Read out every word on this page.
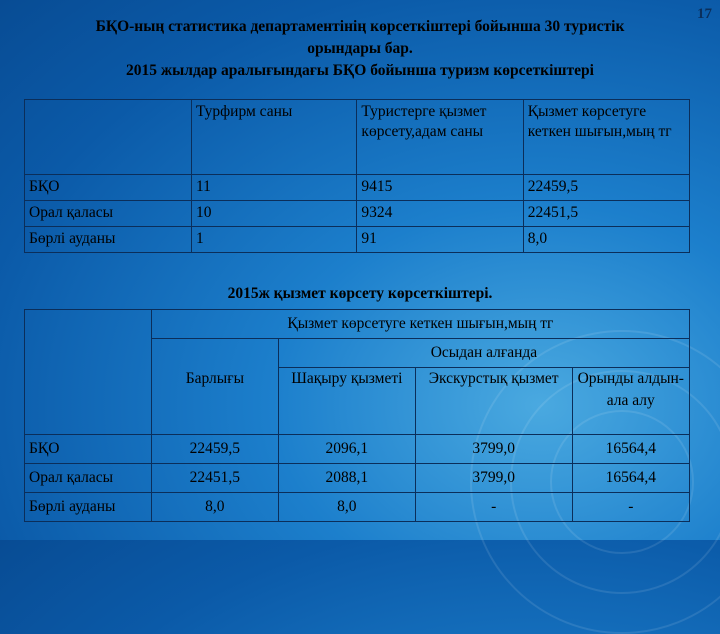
17
БҚО-ның статистика департаментінің көрсеткіштері бойынша 30 туристік
орындары бар.
2015 жылдар аралығындағы БҚО бойынша туризм көрсеткіштері
	Турфирм саны	Туристерге қызмет көрсету,адам саны	Қызмет көрсетуге кеткен шығын,мың тг
БҚО	11	9415	22459,5
Орал қаласы	10	9324	22451,5
Бөрлі ауданы	1	91	8,0
2015ж қызмет көрсету көрсеткіштері.
	Қызмет көрсетуге кеткен шығын,мың тг			
		Осыдан алғанда		
	Барлығы	Шақыру қызметі	Экскурстық қызмет	Орынды алдын-ала алу
БҚО	22459,5	2096,1	3799,0	16564,4
Орал қаласы	22451,5	2088,1	3799,0	16564,4
Бөрлі ауданы	8,0	8,0	-	-
